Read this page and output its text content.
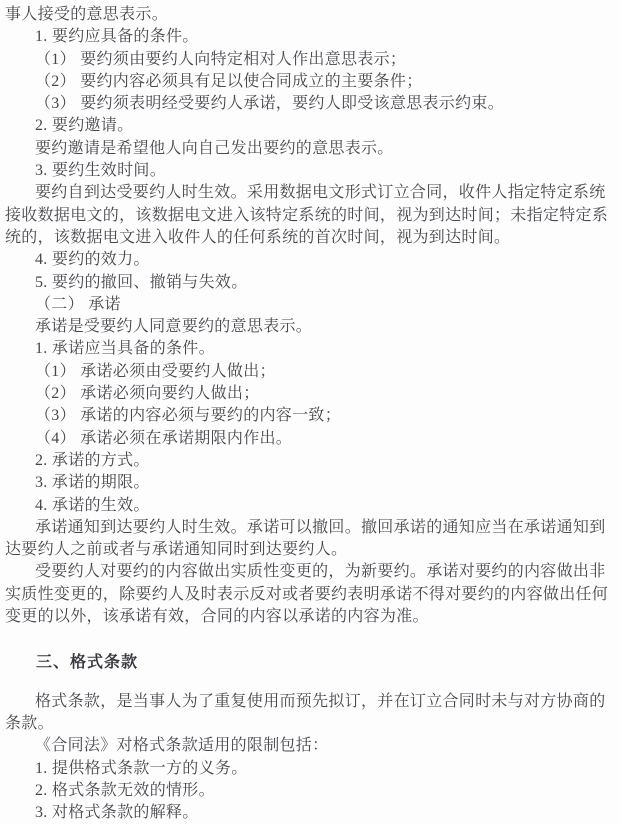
事人接受的意思表示。
1. 要约应具备的条件。
（1） 要约须由要约人向特定相对人作出意思表示；
（2） 要约内容必须具有足以使合同成立的主要条件；
（3） 要约须表明经受要约人承诺，要约人即受该意思表示约束。
2. 要约邀请。
要约邀请是希望他人向自己发出要约的意思表示。
3. 要约生效时间。
要约自到达受要约人时生效。采用数据电文形式订立合同，收件人指定特定系统
接收数据电文的，该数据电文进入该特定系统的时间，视为到达时间；未指定特定系
统的，该数据电文进入收件人的任何系统的首次时间，视为到达时间。
4. 要约的效力。
5. 要约的撤回、撤销与失效。
（二） 承诺
承诺是受要约人同意要约的意思表示。
1. 承诺应当具备的条件。
（1） 承诺必须由受要约人做出；
（2） 承诺必须向要约人做出；
（3） 承诺的内容必须与要约的内容一致；
（4） 承诺必须在承诺期限内作出。
2. 承诺的方式。
3. 承诺的期限。
4. 承诺的生效。
承诺通知到达要约人时生效。承诺可以撤回。撤回承诺的通知应当在承诺通知到
达要约人之前或者与承诺通知同时到达要约人。
受要约人对要约的内容做出实质性变更的，为新要约。承诺对要约的内容做出非
实质性变更的，除要约人及时表示反对或者要约表明承诺不得对要约的内容做出任何
变更的以外，该承诺有效，合同的内容以承诺的内容为准。
三、格式条款
格式条款，是当事人为了重复使用而预先拟订，并在订立合同时未与对方协商的
条款。
《合同法》对格式条款适用的限制包括：
1. 提供格式条款一方的义务。
2. 格式条款无效的情形。
3. 对格式条款的解释。
